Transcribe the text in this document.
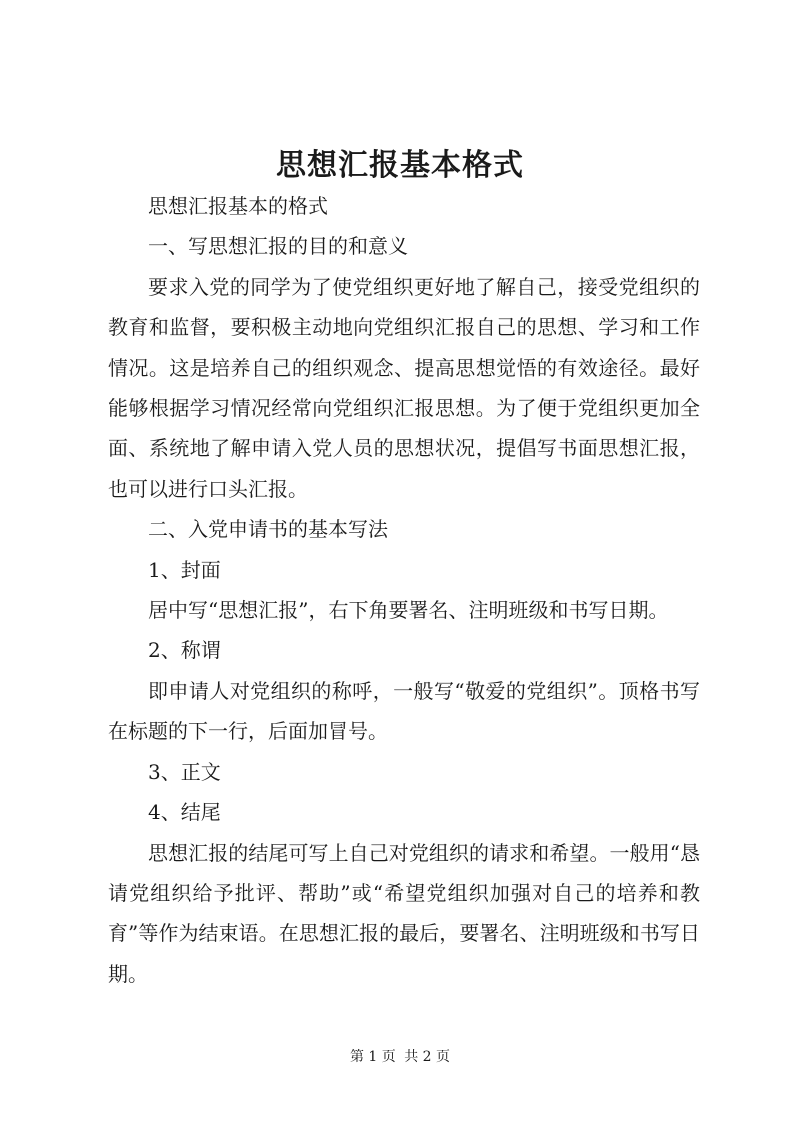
思想汇报基本格式

思想汇报基本的格式

一、写思想汇报的目的和意义

要求入党的同学为了使党组织更好地了解自己，接受党组织的教育和监督，要积极主动地向党组织汇报自己的思想、学习和工作情况。这是培养自己的组织观念、提高思想觉悟的有效途径。最好能够根据学习情况经常向党组织汇报思想。为了便于党组织更加全面、系统地了解申请入党人员的思想状况，提倡写书面思想汇报，也可以进行口头汇报。

二、入党申请书的基本写法

1、封面

居中写“思想汇报”，右下角要署名、注明班级和书写日期。

2、称谓

即申请人对党组织的称呼，一般写“敬爱的党组织”。顶格书写在标题的下一行，后面加冒号。

3、正文

4、结尾

思想汇报的结尾可写上自己对党组织的请求和希望。一般用“恳请党组织给予批评、帮助”或“希望党组织加强对自己的培养和教育”等作为结束语。在思想汇报的最后，要署名、注明班级和书写日期。

第 1 页 共 2 页
